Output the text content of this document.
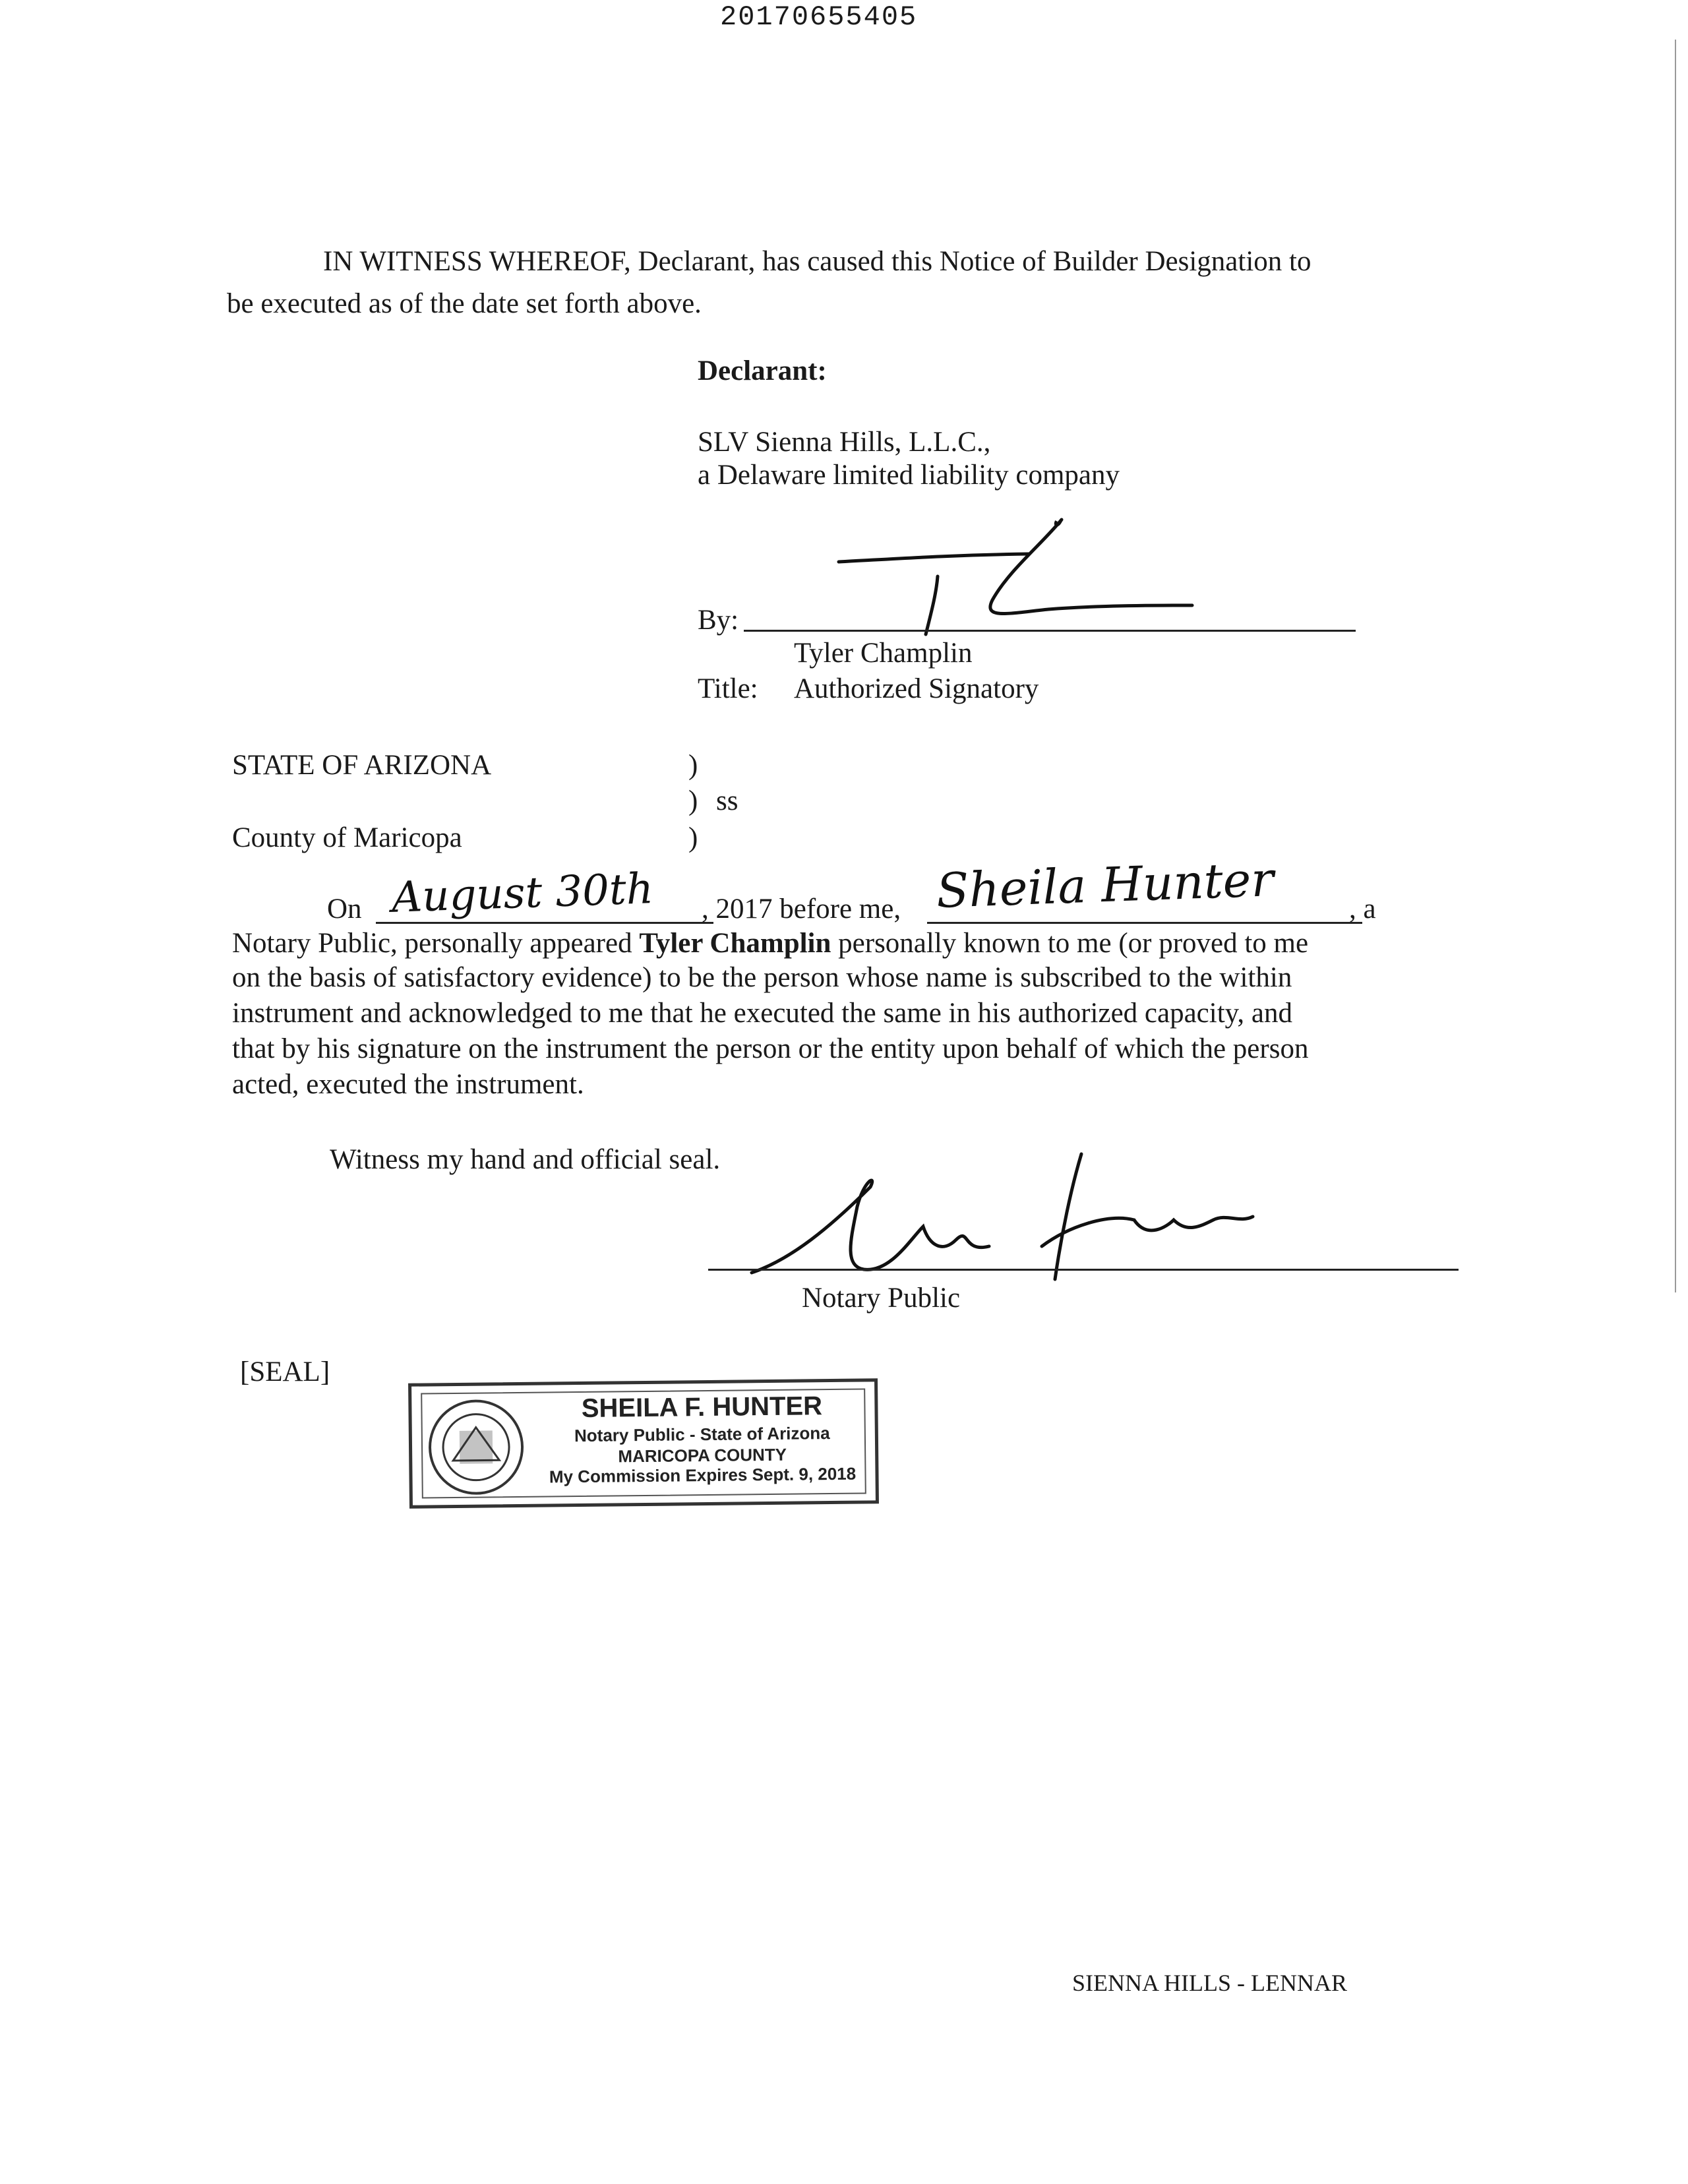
20170655405
IN WITNESS WHEREOF, Declarant, has caused this Notice of Builder Designation to
be executed as of the date set forth above.
Declarant:
SLV Sienna Hills, L.L.C.,
a Delaware limited liability company
By:
Tyler Champlin
Title: Authorized Signatory
STATE OF ARIZONA	)
) ss
County of Maricopa	)
On August 30th , 2017 before me, Sheila Hunter	, a
Notary Public, personally appeared Tyler Champlin personally known to me (or proved to me
on the basis of satisfactory evidence) to be the person whose name is subscribed to the within
instrument and acknowledged to me that he executed the same in his authorized capacity, and
that by his signature on the instrument the person or the entity upon behalf of which the person
acted, executed the instrument.
Witness my hand and official seal.
Notary Public
[SEAL]
SHEILA F. HUNTER
Notary Public - State of Arizona
MARICOPA COUNTY
My Commission Expires Sept. 9, 2018
SIENNA HILLS - LENNAR
